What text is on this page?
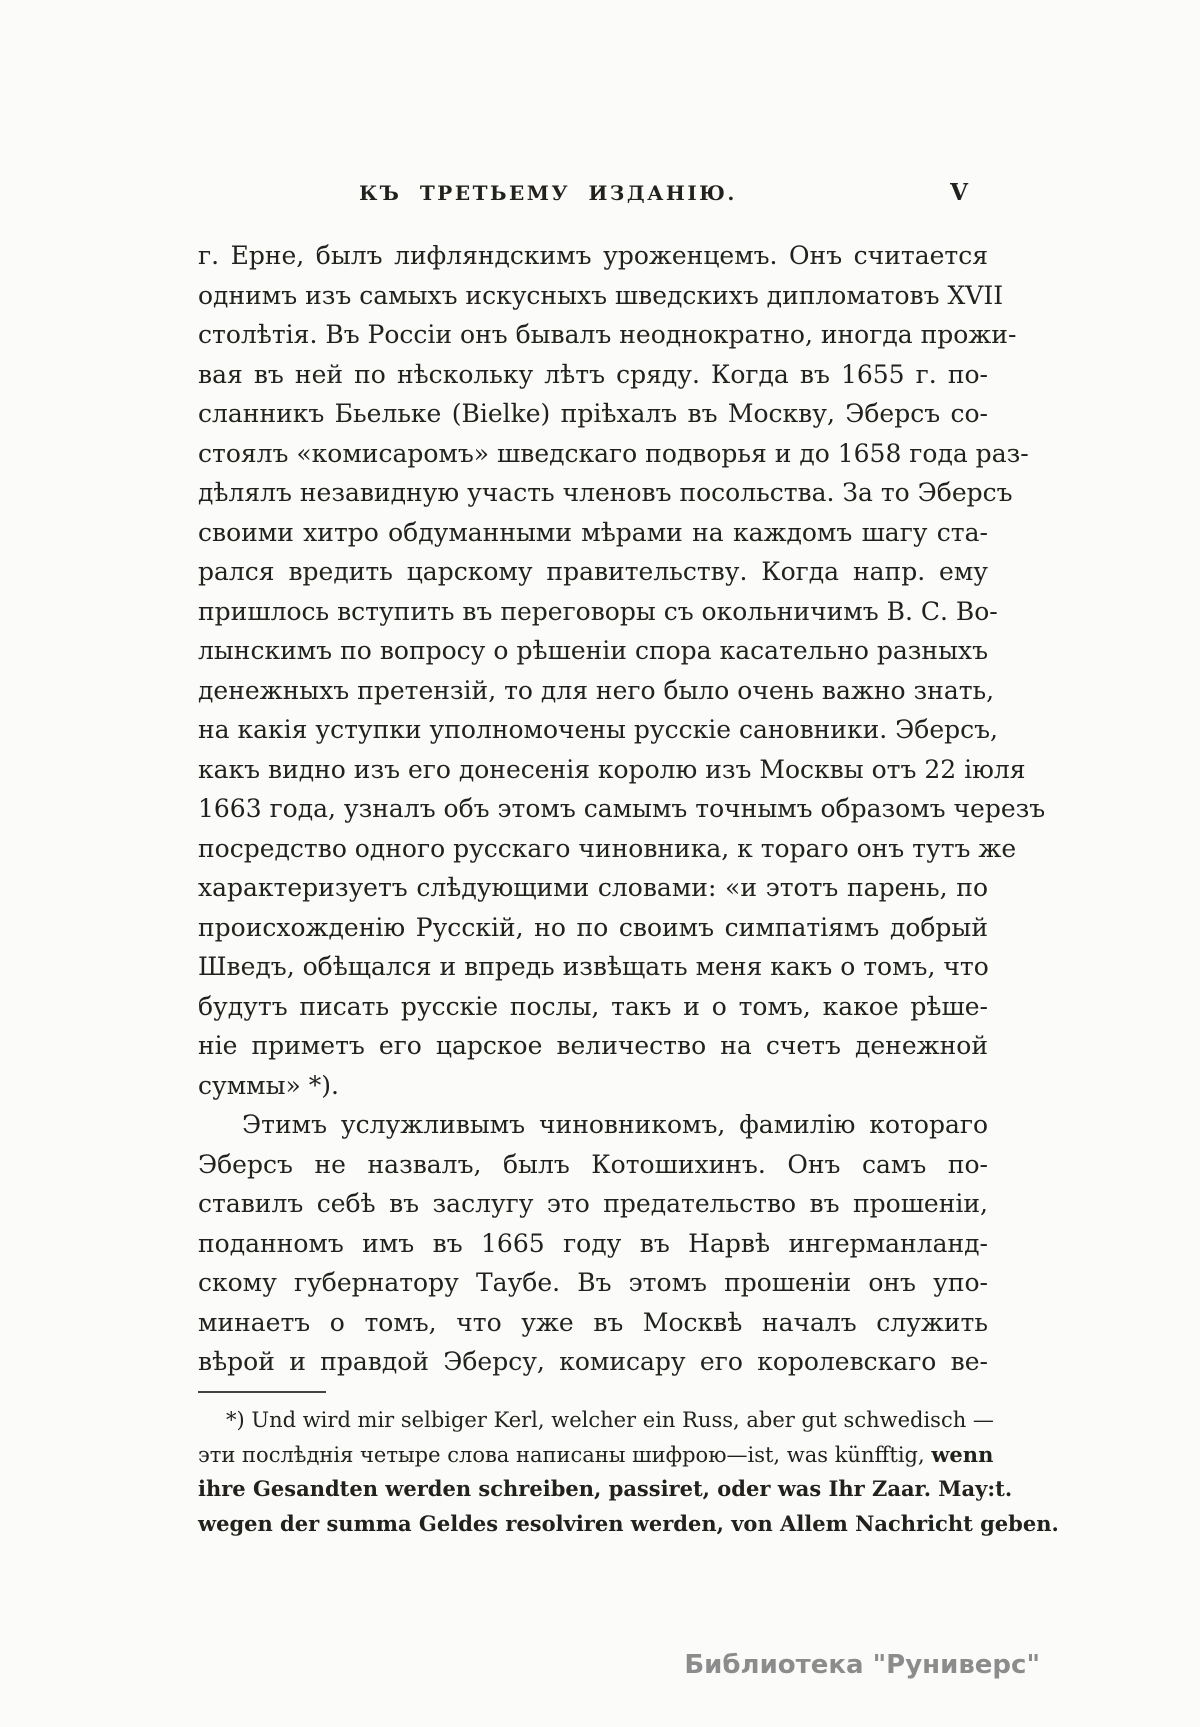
КЪ ТРЕТЬЕМУ ИЗДАНІЮ.	V
г. Ерне, былъ лифляндскимъ уроженцемъ. Онъ считается
однимъ изъ самыхъ искусныхъ шведскихъ дипломатовъ XVII
столѣтія. Въ Россіи онъ бывалъ неоднократно, иногда прожи-
вая въ ней по нѣскольку лѣтъ сряду. Когда въ 1655 г. по-
сланникъ Бьельке (Bielke) пріѣхалъ въ Москву, Эберсъ со-
стоялъ «комисаромъ» шведскаго подворья и до 1658 года раз-
дѣлялъ незавидную участь членовъ посольства. За то Эберсъ
своими хитро обдуманными мѣрами на каждомъ шагу ста-
рался вредить царскому правительству. Когда напр. ему
пришлось вступить въ переговоры съ окольничимъ В. С. Во-
лынскимъ по вопросу о рѣшеніи спора касательно разныхъ
денежныхъ претензій, то для него было очень важно знать,
на какія уступки уполномочены русскіе сановники. Эберсъ,
какъ видно изъ его донесенія королю изъ Москвы отъ 22 іюля
1663 года, узналъ объ этомъ самымъ точнымъ образомъ черезъ
посредство одного русскаго чиновника, к тораго онъ тутъ же
характеризуетъ слѣдующими словами: «и этотъ парень, по
происхожденію Русскій, но по своимъ симпатіямъ добрый
Шведъ, обѣщался и впредь извѣщать меня какъ о томъ, что
будутъ писать русскіе послы, такъ и о томъ, какое рѣше-
ніе приметъ его царское величество на счетъ денежной
суммы» *).
Этимъ услужливымъ чиновникомъ, фамилію котораго
Эберсъ не назвалъ, былъ Котошихинъ. Онъ самъ по-
ставилъ себѣ въ заслугу это предательство въ прошеніи,
поданномъ имъ въ 1665 году въ Нарвѣ ингерманланд-
скому губернатору Таубе. Въ этомъ прошеніи онъ упо-
минаетъ о томъ, что уже въ Москвѣ началъ служить
вѣрой и правдой Эберсу, комисару его королевскаго ве-
*) Und wird mir selbiger Kerl, welcher ein Russ, aber gut schwedisch —
эти послѣднія четыре слова написаны шифрою—ist, was künfftig, wenn
ihre Gesandten werden schreiben, passiret, oder was Ihr Zaar. May:t.
wegen der summa Geldes resolviren werden, von Allem Nachricht geben.
Библиотека "Руниверс"
